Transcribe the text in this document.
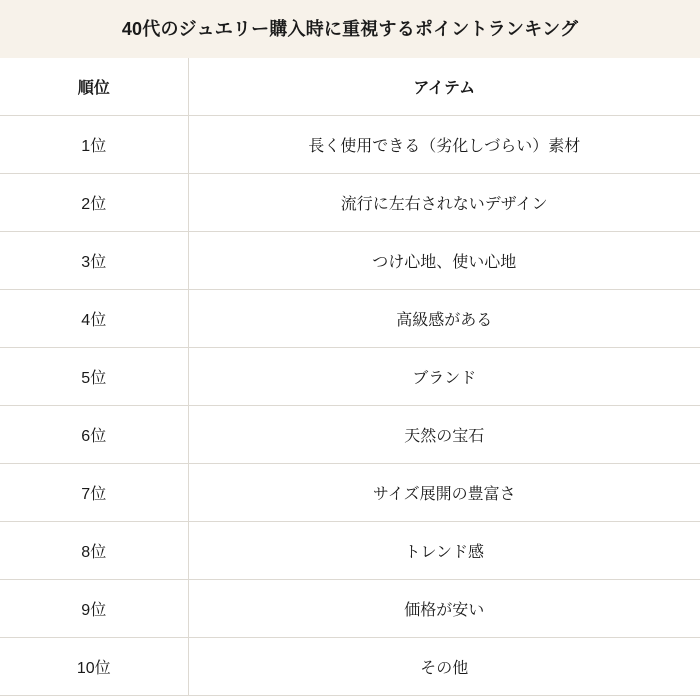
40代のジュエリー購入時に重視するポイントランキング
順位	アイテム
1位	長く使用できる（劣化しづらい）素材
2位	流行に左右されないデザイン
3位	つけ心地、使い心地
4位	高級感がある
5位	ブランド
6位	天然の宝石
7位	サイズ展開の豊富さ
8位	トレンド感
9位	価格が安い
10位	その他
